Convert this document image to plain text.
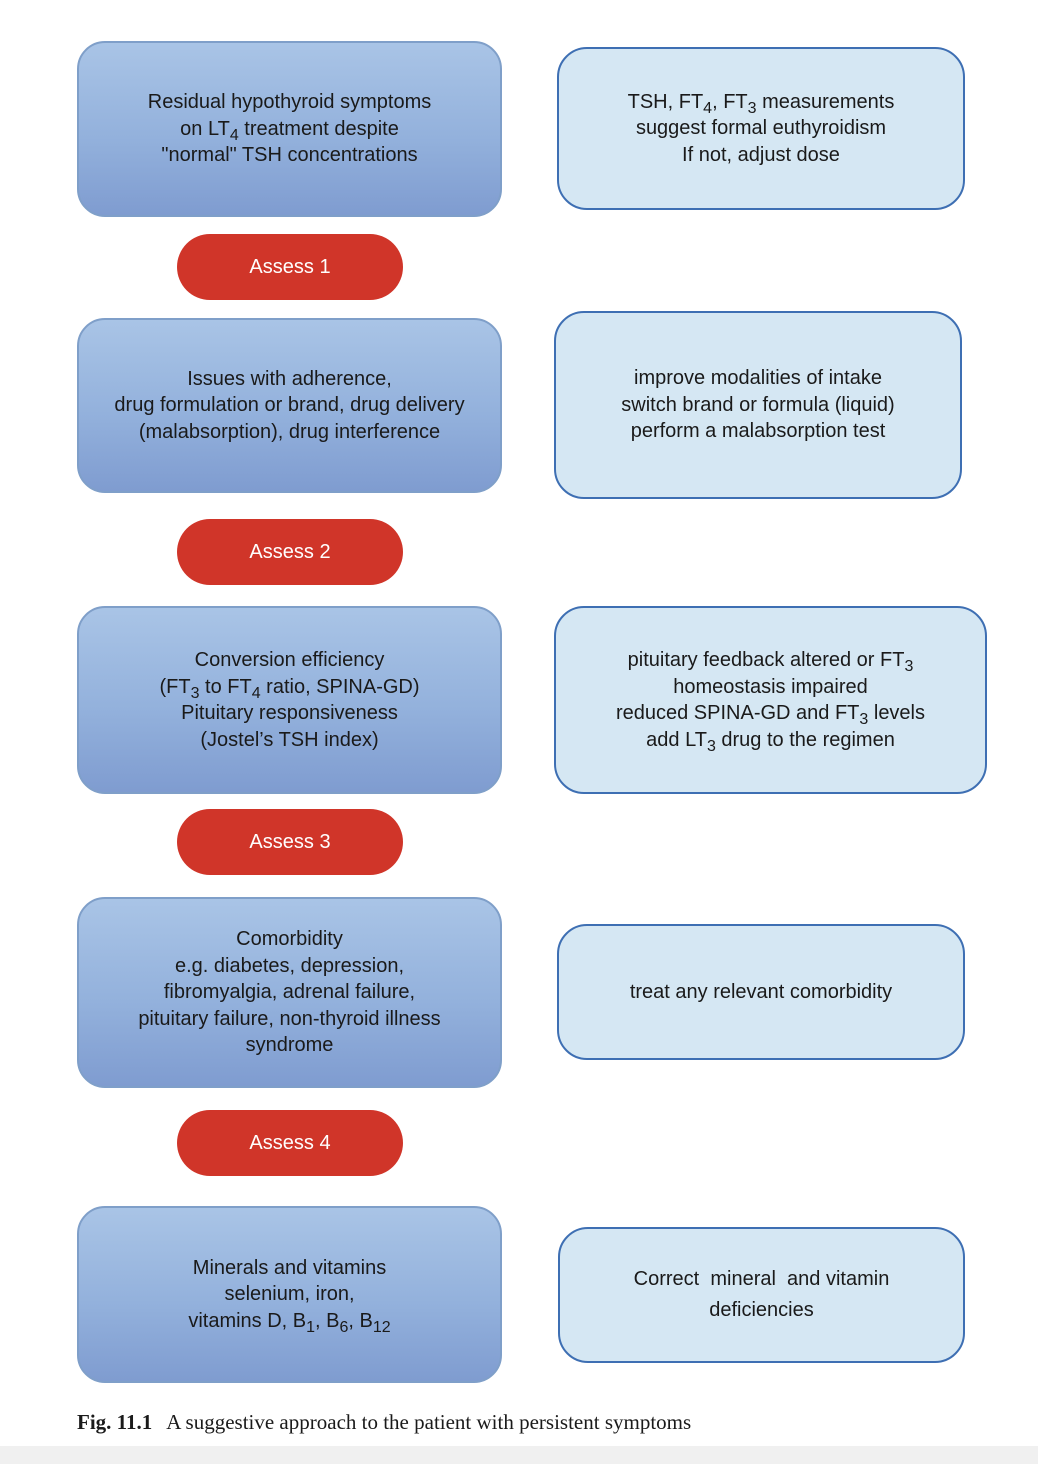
Residual hypothyroid symptoms
on $LT_4$ treatment despite
"normal" TSH concentrations
Assess 1
Issues with adherence,
drug formulation or brand, drug delivery
(malabsorption), drug interference
Assess 2
Conversion efficiency
($FT_3$ to $FT_4$ ratio, SPINA-GD)
Pituitary responsiveness
(Jostel’s TSH index)
Assess 3
Comorbidity
e.g. diabetes, depression,
fibromyalgia, adrenal failure,
pituitary failure, non-thyroid illness
syndrome
Assess 4
Minerals and vitamins
selenium, iron,
vitamins D, $B_1$, $B_6$, $B_{12}$
TSH, $FT_4$, $FT_3$ measurements
suggest formal euthyroidism
If not, adjust dose
improve modalities of intake
switch brand or formula (liquid)
perform a malabsorption test
pituitary feedback altered or $FT_3$
homeostasis impaired
reduced SPINA-GD and $FT_3$ levels
add $LT_3$ drug to the regimen
treat any relevant comorbidity
Correct  mineral  and vitamin
deficiencies
Fig. 11.1 A suggestive approach to the patient with persistent symptoms
